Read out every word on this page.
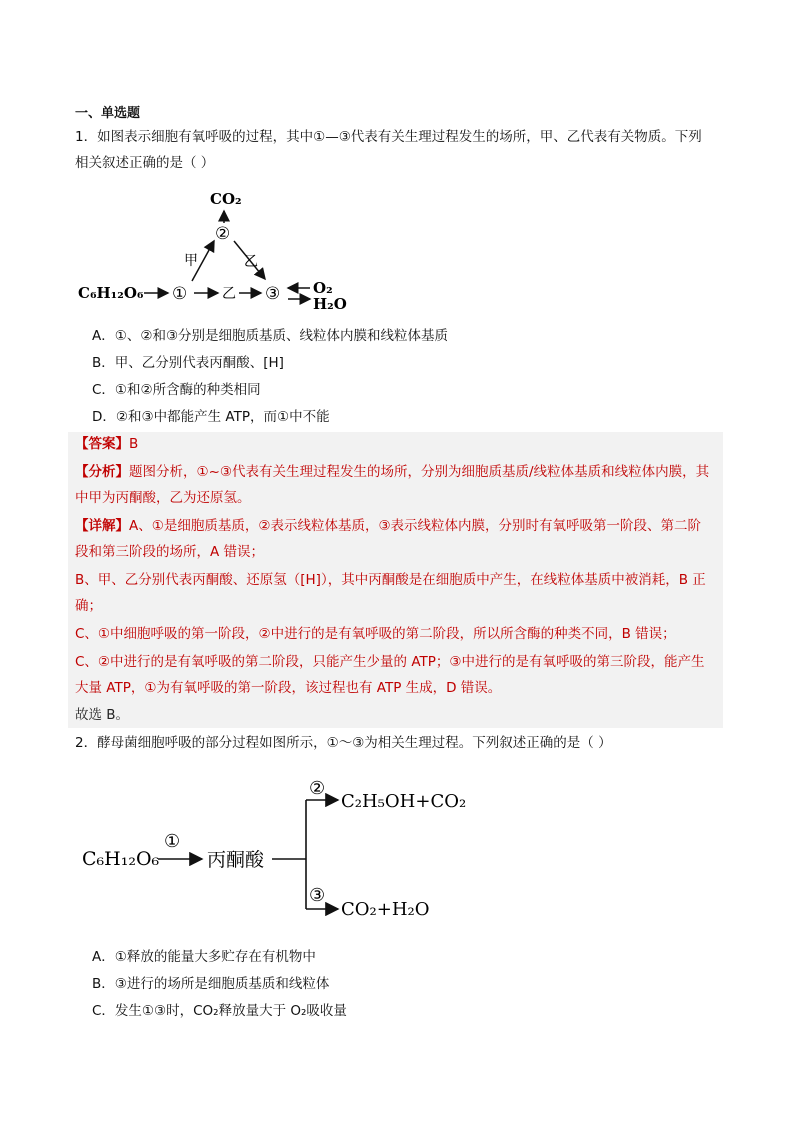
一、单选题
1．如图表示细胞有氧呼吸的过程，其中①—③代表有关生理过程发生的场所，甲、乙代表有关物质。下列
相关叙述正确的是（ ）
CO₂
②
甲	乙
C₆H₁₂O₆ ① 乙 ③ O₂
H₂O
A．①、②和③分别是细胞质基质、线粒体内膜和线粒体基质
B．甲、乙分别代表丙酮酸、[H]
C．①和②所含酶的种类相同
D．②和③中都能产生 ATP，而①中不能
【答案】B
【分析】题图分析，①~③代表有关生理过程发生的场所，分别为细胞质基质/线粒体基质和线粒体内膜，其
中甲为丙酮酸，乙为还原氢。
【详解】A、①是细胞质基质，②表示线粒体基质，③表示线粒体内膜，分别时有氧呼吸第一阶段、第二阶
段和第三阶段的场所，A 错误；
B、甲、乙分别代表丙酮酸、还原氢（[H]），其中丙酮酸是在细胞质中产生，在线粒体基质中被消耗，B 正
确；
C、①中细胞呼吸的第一阶段，②中进行的是有氧呼吸的第二阶段，所以所含酶的种类不同，B 错误；
C、②中进行的是有氧呼吸的第二阶段，只能产生少量的 ATP；③中进行的是有氧呼吸的第三阶段，能产生
大量 ATP，①为有氧呼吸的第一阶段，该过程也有 ATP 生成，D 错误。
故选 B。
2．酵母菌细胞呼吸的部分过程如图所示，①～③为相关生理过程。下列叙述正确的是（ ）
C₆H₁₂O₆
①
丙酮酸
②
C₂H₅OH+CO₂
③
CO₂+H₂O
A．①释放的能量大多贮存在有机物中
B．③进行的场所是细胞质基质和线粒体
C．发生①③时，CO₂释放量大于 O₂吸收量
